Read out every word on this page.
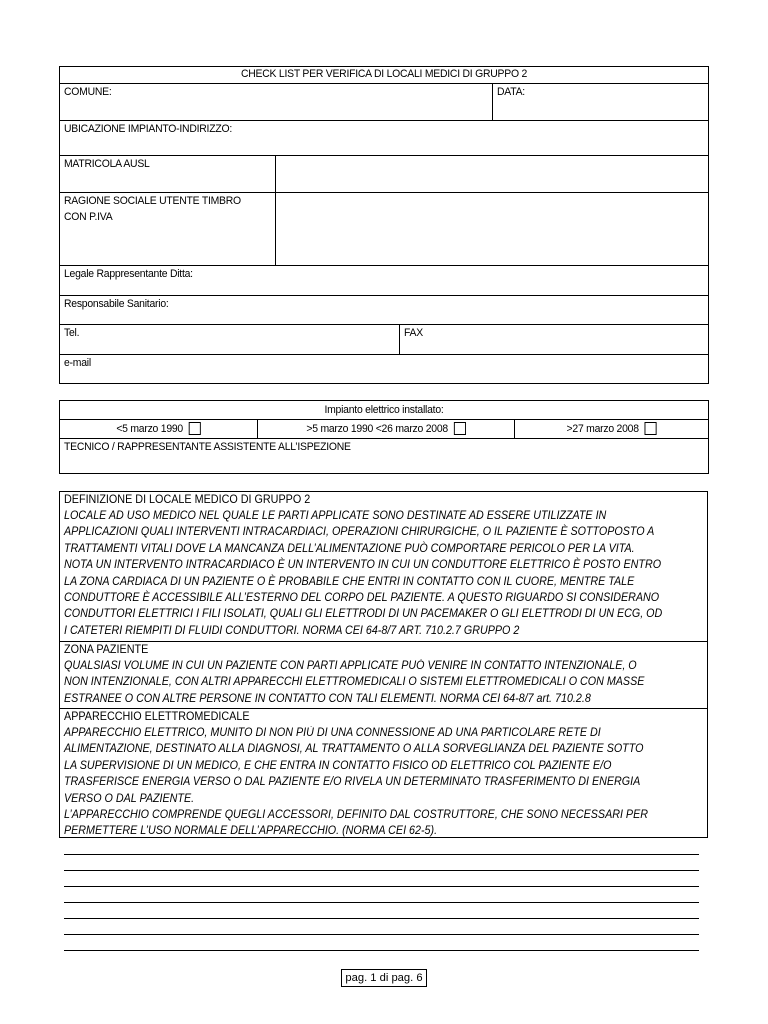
CHECK LIST PER VERIFICA DI LOCALI MEDICI DI GRUPPO 2			

COMUNE:			DATA:

UBICAZIONE IMPIANTO-INDIRIZZO:			

MATRICOLA AUSL			

RAGIONE SOCIALE UTENTE TIMBRO
CON P.IVA			

Legale Rappresentante Ditta:			

Responsabile Sanitario:			

Tel.		FAX	

e-mail			
Impianto elettrico installato:

<5 marzo 1990	>5 marzo 1990 <26 marzo 2008	>27 marzo 2008

TECNICO / RAPPRESENTANTE ASSISTENTE ALL’ISPEZIONE
DEFINIZIONE DI LOCALE MEDICO DI GRUPPO 2
LOCALE AD USO MEDICO NEL QUALE LE PARTI APPLICATE SONO DESTINATE AD ESSERE UTILIZZATE IN
APPLICAZIONI QUALI INTERVENTI INTRACARDIACI, OPERAZIONI CHIRURGICHE, O IL PAZIENTE È SOTTOPOSTO A
TRATTAMENTI VITALI DOVE LA MANCANZA DELL’ALIMENTAZIONE PUÒ COMPORTARE PERICOLO PER LA VITA.
NOTA UN INTERVENTO INTRACARDIACO È UN INTERVENTO IN CUI UN CONDUTTORE ELETTRICO È POSTO ENTRO
LA ZONA CARDIACA DI UN PAZIENTE O È PROBABILE CHE ENTRI IN CONTATTO CON IL CUORE, MENTRE TALE
CONDUTTORE È ACCESSIBILE ALL’ESTERNO DEL CORPO DEL PAZIENTE. A QUESTO RIGUARDO SI CONSIDERANO
CONDUTTORI ELETTRICI I FILI ISOLATI, QUALI GLI ELETTRODI DI UN PACEMAKER O GLI ELETTRODI DI UN ECG, OD
I CATETERI RIEMPITI DI FLUIDI CONDUTTORI. NORMA CEI 64-8/7 ART. 710.2.7 GRUPPO 2
ZONA PAZIENTE
QUALSIASI VOLUME IN CUI UN PAZIENTE CON PARTI APPLICATE PUÒ VENIRE IN CONTATTO INTENZIONALE, O
NON INTENZIONALE, CON ALTRI APPARECCHI ELETTROMEDICALI O SISTEMI ELETTROMEDICALI O CON MASSE
ESTRANEE O CON ALTRE PERSONE IN CONTATTO CON TALI ELEMENTI. NORMA CEI 64-8/7 art. 710.2.8
APPARECCHIO ELETTROMEDICALE
APPARECCHIO ELETTRICO, MUNITO DI NON PIÙ DI UNA CONNESSIONE AD UNA PARTICOLARE RETE DI
ALIMENTAZIONE, DESTINATO ALLA DIAGNOSI, AL TRATTAMENTO O ALLA SORVEGLIANZA DEL PAZIENTE SOTTO
LA SUPERVISIONE DI UN MEDICO, E CHE ENTRA IN CONTATTO FISICO OD ELETTRICO COL PAZIENTE E/O
TRASFERISCE ENERGIA VERSO O DAL PAZIENTE E/O RIVELA UN DETERMINATO TRASFERIMENTO DI ENERGIA
VERSO O DAL PAZIENTE.
L’APPARECCHIO COMPRENDE QUEGLI ACCESSORI, DEFINITO DAL COSTRUTTORE, CHE SONO NECESSARI PER
PERMETTERE L’USO NORMALE DELL’APPARECCHIO. (NORMA CEI 62-5).
pag. 1 di pag. 6
